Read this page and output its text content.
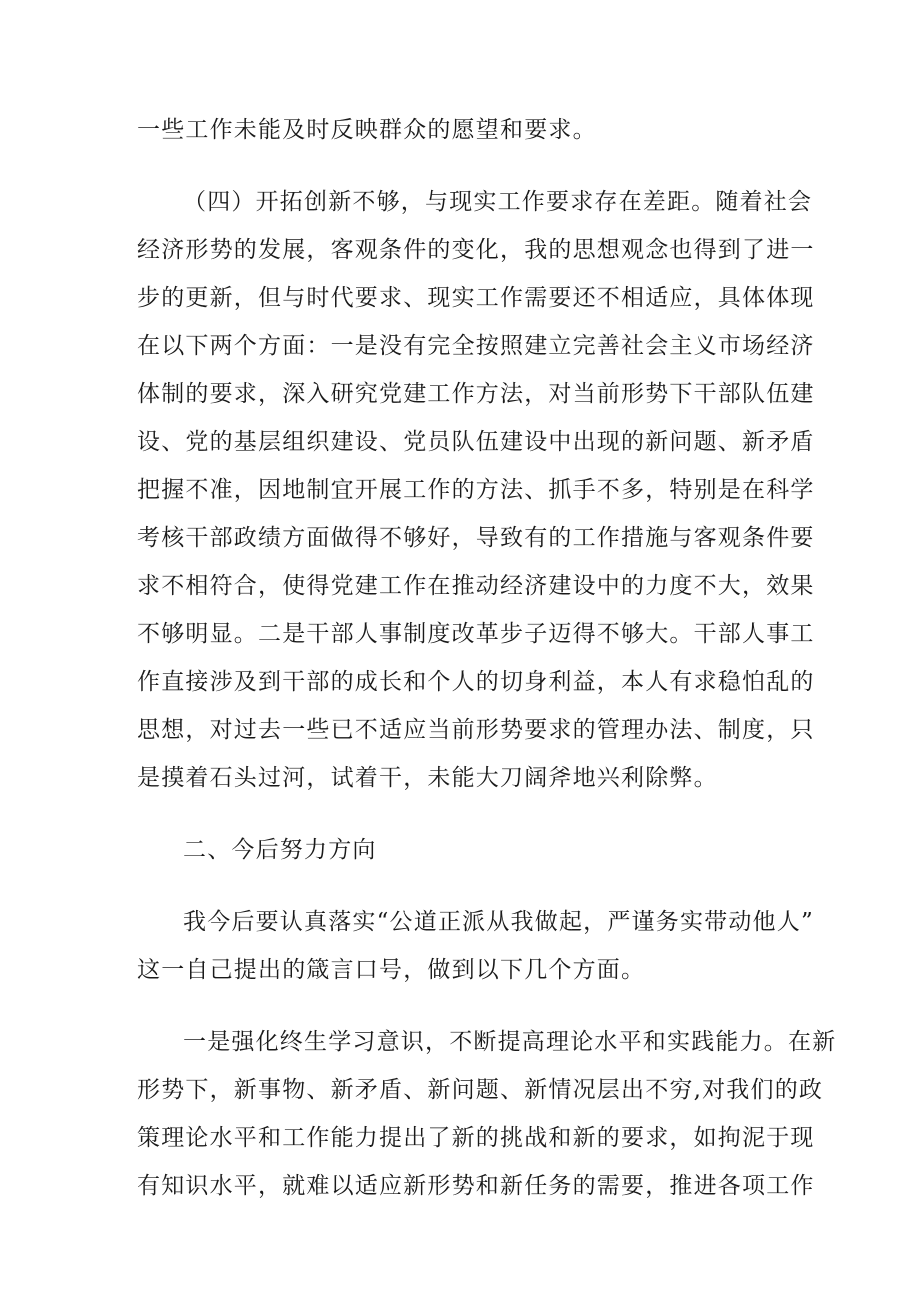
一些工作未能及时反映群众的愿望和要求。
（四）开拓创新不够，与现实工作要求存在差距。随着社会
经济形势的发展，客观条件的变化，我的思想观念也得到了进一
步的更新，但与时代要求、现实工作需要还不相适应，具体体现
在以下两个方面：一是没有完全按照建立完善社会主义市场经济
体制的要求，深入研究党建工作方法，对当前形势下干部队伍建
设、党的基层组织建设、党员队伍建设中出现的新问题、新矛盾
把握不准，因地制宜开展工作的方法、抓手不多，特别是在科学
考核干部政绩方面做得不够好，导致有的工作措施与客观条件要
求不相符合，使得党建工作在推动经济建设中的力度不大，效果
不够明显。二是干部人事制度改革步子迈得不够大。干部人事工
作直接涉及到干部的成长和个人的切身利益，本人有求稳怕乱的
思想，对过去一些已不适应当前形势要求的管理办法、制度，只
是摸着石头过河，试着干，未能大刀阔斧地兴利除弊。
二、今后努力方向
我今后要认真落实“公道正派从我做起，严谨务实带动他人”
这一自己提出的箴言口号，做到以下几个方面。
一是强化终生学习意识，不断提高理论水平和实践能力。在新
形势下，新事物、新矛盾、新问题、新情况层出不穷,对我们的政
策理论水平和工作能力提出了新的挑战和新的要求，如拘泥于现
有知识水平，就难以适应新形势和新任务的需要，推进各项工作
